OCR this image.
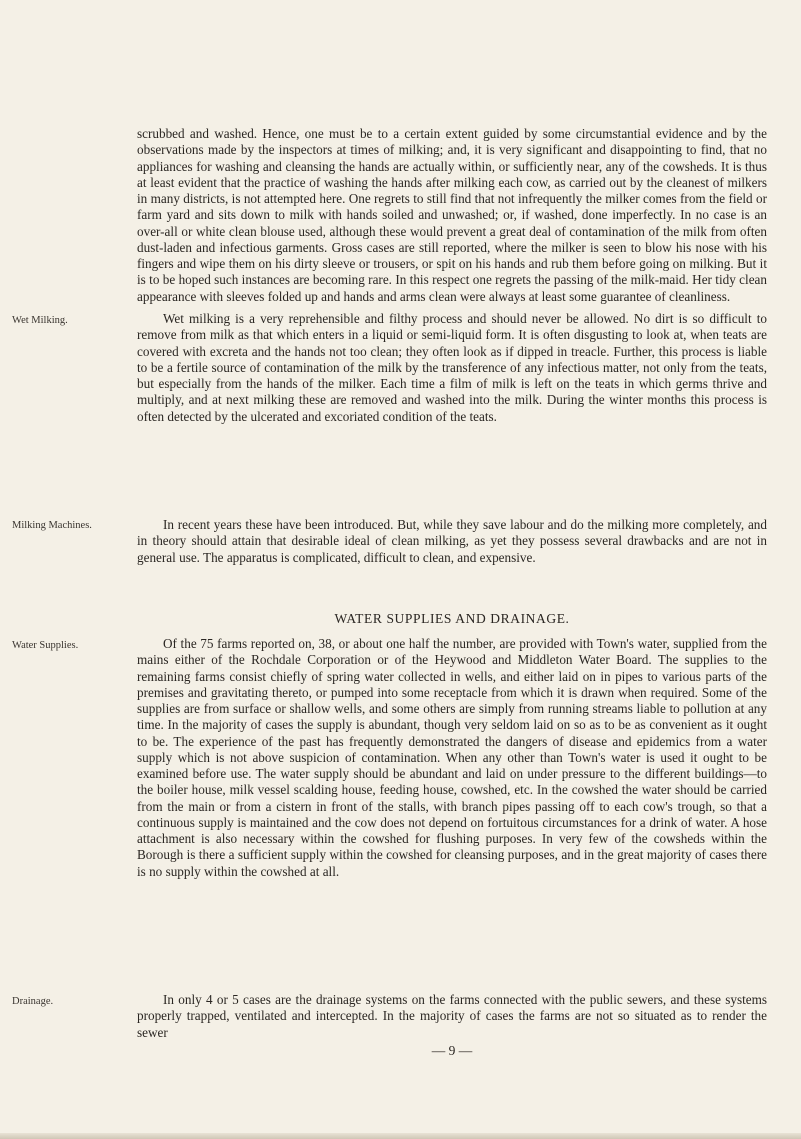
scrubbed and washed. Hence, one must be to a certain extent guided by some circumstantial evidence and by the observations made by the inspectors at times of milking; and, it is very significant and disappointing to find, that no appliances for washing and cleansing the hands are actually within, or sufficiently near, any of the cowsheds. It is thus at least evident that the practice of washing the hands after milking each cow, as carried out by the cleanest of milkers in many districts, is not attempted here. One regrets to still find that not infrequently the milker comes from the field or farm yard and sits down to milk with hands soiled and unwashed; or, if washed, done imperfectly. In no case is an over-all or white clean blouse used, although these would prevent a great deal of contamination of the milk from often dust-laden and infectious garments. Gross cases are still reported, where the milker is seen to blow his nose with his fingers and wipe them on his dirty sleeve or trousers, or spit on his hands and rub them before going on milking. But it is to be hoped such instances are becoming rare. In this respect one regrets the passing of the milk-maid. Her tidy clean appearance with sleeves folded up and hands and arms clean were always at least some guarantee of cleanliness.

Wet Milking.	Wet milking is a very reprehensible and filthy process and should never be allowed. No dirt is so difficult to remove from milk as that which enters in a liquid or semi-liquid form. It is often disgusting to look at, when teats are covered with excreta and the hands not too clean; they often look as if dipped in treacle. Further, this process is liable to be a fertile source of contamination of the milk by the transference of any infectious matter, not only from the teats, but especially from the hands of the milker. Each time a film of milk is left on the teats in which germs thrive and multiply, and at next milking these are removed and washed into the milk. During the winter months this process is often detected by the ulcerated and excoriated condition of the teats.

Milking Machines.	In recent years these have been introduced. But, while they save labour and do the milking more completely, and in theory should attain that desirable ideal of clean milking, as yet they possess several drawbacks and are not in general use. The apparatus is complicated, difficult to clean, and expensive.

WATER SUPPLIES AND DRAINAGE.
Water Supplies.	Of the 75 farms reported on, 38, or about one half the number, are provided with Town's water, supplied from the mains either of the Rochdale Corporation or of the Heywood and Middleton Water Board. The supplies to the remaining farms consist chiefly of spring water collected in wells, and either laid on in pipes to various parts of the premises and gravitating thereto, or pumped into some receptacle from which it is drawn when required. Some of the supplies are from surface or shallow wells, and some others are simply from running streams liable to pollution at any time. In the majority of cases the supply is abundant, though very seldom laid on so as to be as convenient as it ought to be. The experience of the past has frequently demonstrated the dangers of disease and epidemics from a water supply which is not above suspicion of contamination. When any other than Town's water is used it ought to be examined before use. The water supply should be abundant and laid on under pressure to the different buildings—to the boiler house, milk vessel scalding house, feeding house, cowshed, etc. In the cowshed the water should be carried from the main or from a cistern in front of the stalls, with branch pipes passing off to each cow's trough, so that a continuous supply is maintained and the cow does not depend on fortuitous circumstances for a drink of water. A hose attachment is also necessary within the cowshed for flushing purposes. In very few of the cowsheds within the Borough is there a sufficient supply within the cowshed for cleansing purposes, and in the great majority of cases there is no supply within the cowshed at all.

Drainage.	In only 4 or 5 cases are the drainage systems on the farms connected with the public sewers, and these systems properly trapped, ventilated and intercepted. In the majority of cases the farms are not so situated as to render the sewer

— 9 —
